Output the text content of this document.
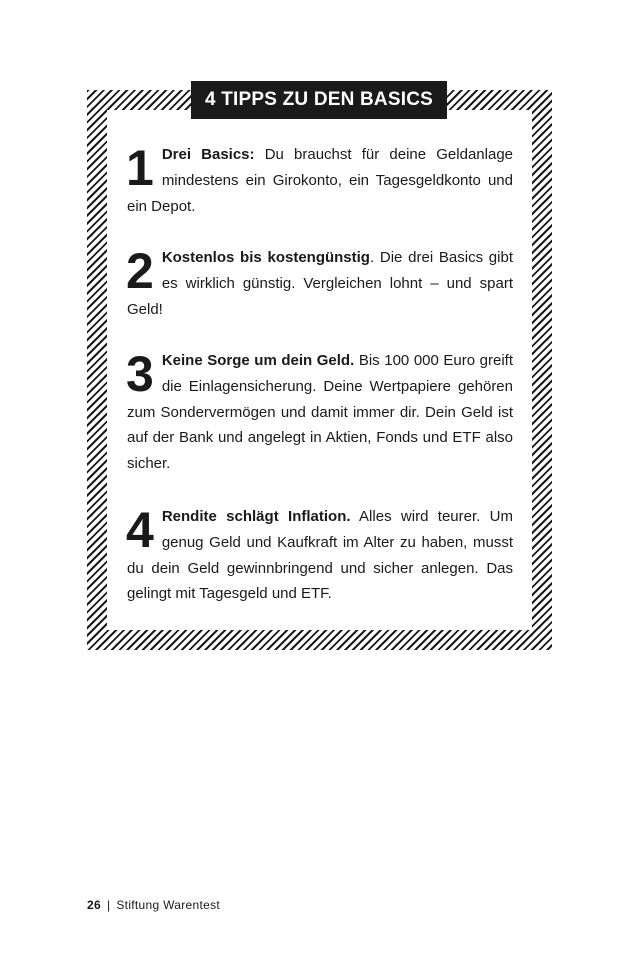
4 TIPPS ZU DEN BASICS
1 Drei Basics: Du brauchst für deine Geldanlage mindestens ein Girokonto, ein Tagesgeldkonto und ein Depot.
2 Kostenlos bis kostengünstig. Die drei Basics gibt es wirklich günstig. Vergleichen lohnt – und spart Geld!
3 Keine Sorge um dein Geld. Bis 100 000 Euro greift die Einlagensicherung. Deine Wertpapiere gehören zum Sondervermögen und damit immer dir. Dein Geld ist auf der Bank und angelegt in Aktien, Fonds und ETF also sicher.
4 Rendite schlägt Inflation. Alles wird teurer. Um genug Geld und Kaufkraft im Alter zu haben, musst du dein Geld gewinnbringend und sicher anlegen. Das gelingt mit Tagesgeld und ETF.
26 | Stiftung Warentest
